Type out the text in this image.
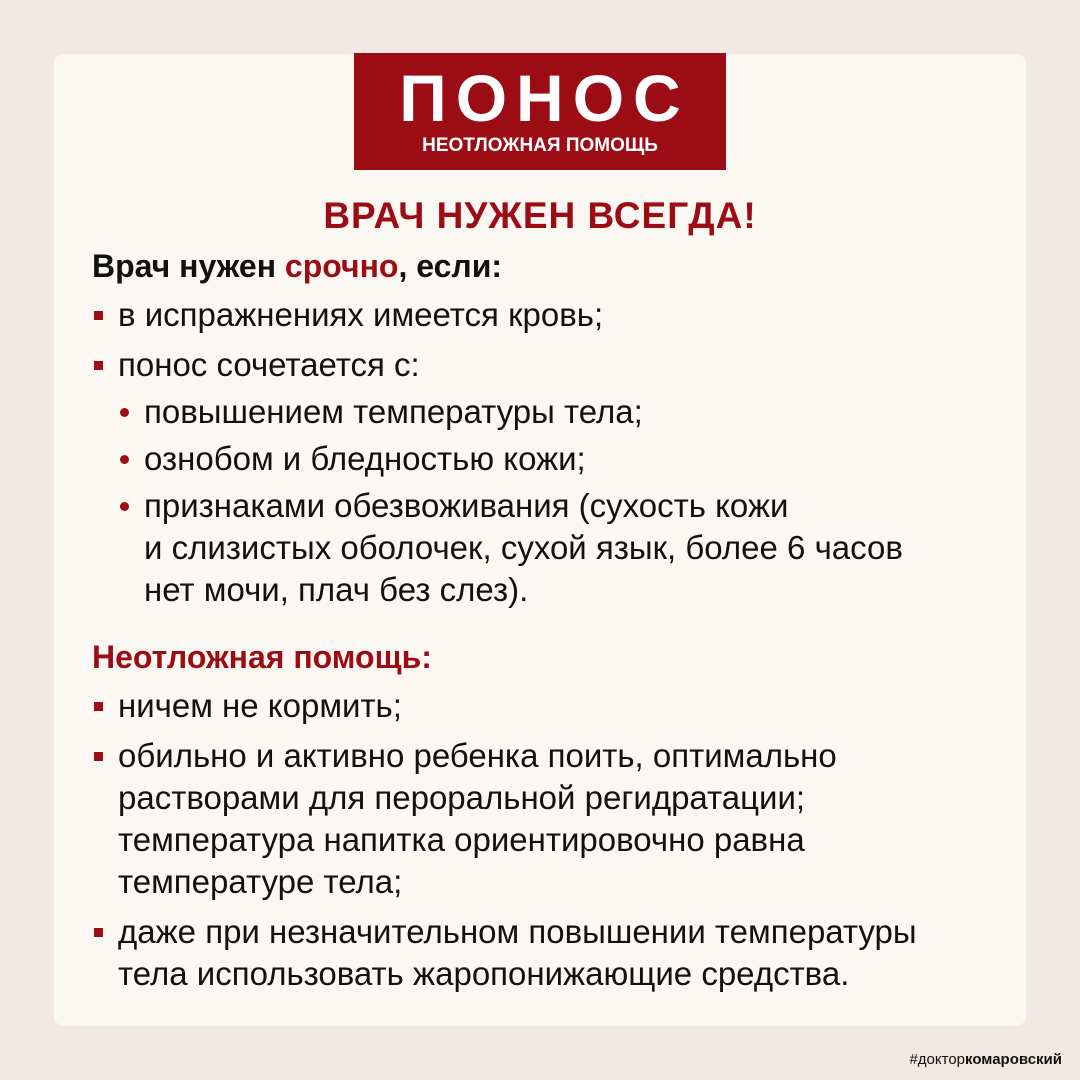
ПОНОС
НЕОТЛОЖНАЯ ПОМОЩЬ
ВРАЧ НУЖЕН ВСЕГДА!

Врач нужен срочно, если:

в испражнениях имеется кровь;
понос сочетается с:
повышением температуры тела;
ознобом и бледностью кожи;
признаками обезвоживания (сухость кожи
и слизистых оболочек, сухой язык, более 6 часов
нет мочи, плач без слез).

Неотложная помощь:

ничем не кормить;
обильно и активно ребенка поить, оптимально
растворами для пероральной регидратации;
температура напитка ориентировочно равна
температуре тела;
даже при незначительном повышении температуры
тела использовать жаропонижающие средства.
#докторкомаровский
